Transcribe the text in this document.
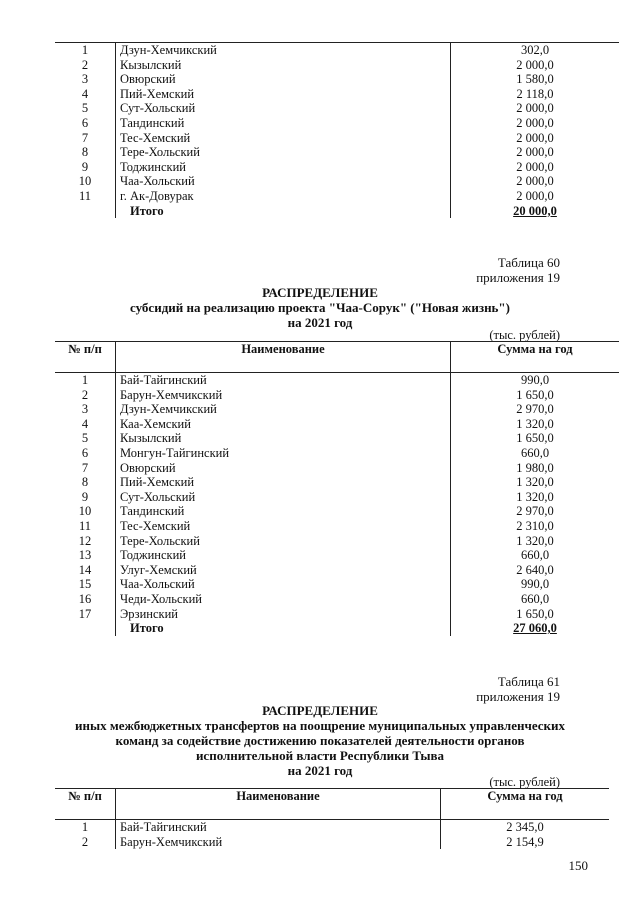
1	Дзун-Хемчикский	302,0
2	Кызылский	2 000,0
3	Овюрский	1 580,0
4	Пий-Хемский	2 118,0
5	Сут-Хольский	2 000,0
6	Тандинский	2 000,0
7	Тес-Хемский	2 000,0
8	Тере-Хольский	2 000,0
9	Тоджинский	2 000,0
10	Чаа-Хольский	2 000,0
11	г. Ак-Довурак	2 000,0
	Итого	20 000,0
Таблица 60
приложения 19
РАСПРЕДЕЛЕНИЕ
субсидий на реализацию проекта "Чаа-Сорук" ("Новая жизнь")
на 2021 год
(тыс. рублей)
№ п/п	Наименование	Сумма на год
1	Бай-Тайгинский	990,0
2	Барун-Хемчикский	1 650,0
3	Дзун-Хемчикский	2 970,0
4	Каа-Хемский	1 320,0
5	Кызылский	1 650,0
6	Монгун-Тайгинский	660,0
7	Овюрский	1 980,0
8	Пий-Хемский	1 320,0
9	Сут-Хольский	1 320,0
10	Тандинский	2 970,0
11	Тес-Хемский	2 310,0
12	Тере-Хольский	1 320,0
13	Тоджинский	660,0
14	Улуг-Хемский	2 640,0
15	Чаа-Хольский	990,0
16	Чеди-Хольский	660,0
17	Эрзинский	1 650,0
	Итого	27 060,0
Таблица 61
приложения 19
РАСПРЕДЕЛЕНИЕ
иных межбюджетных трансфертов на поощрение муниципальных управленческих
команд за содействие достижению показателей деятельности органов
исполнительной власти Республики Тыва
на 2021 год
(тыс. рублей)
№ п/п	Наименование	Сумма на год
1	Бай-Тайгинский	2 345,0
2	Барун-Хемчикский	2 154,9
150
